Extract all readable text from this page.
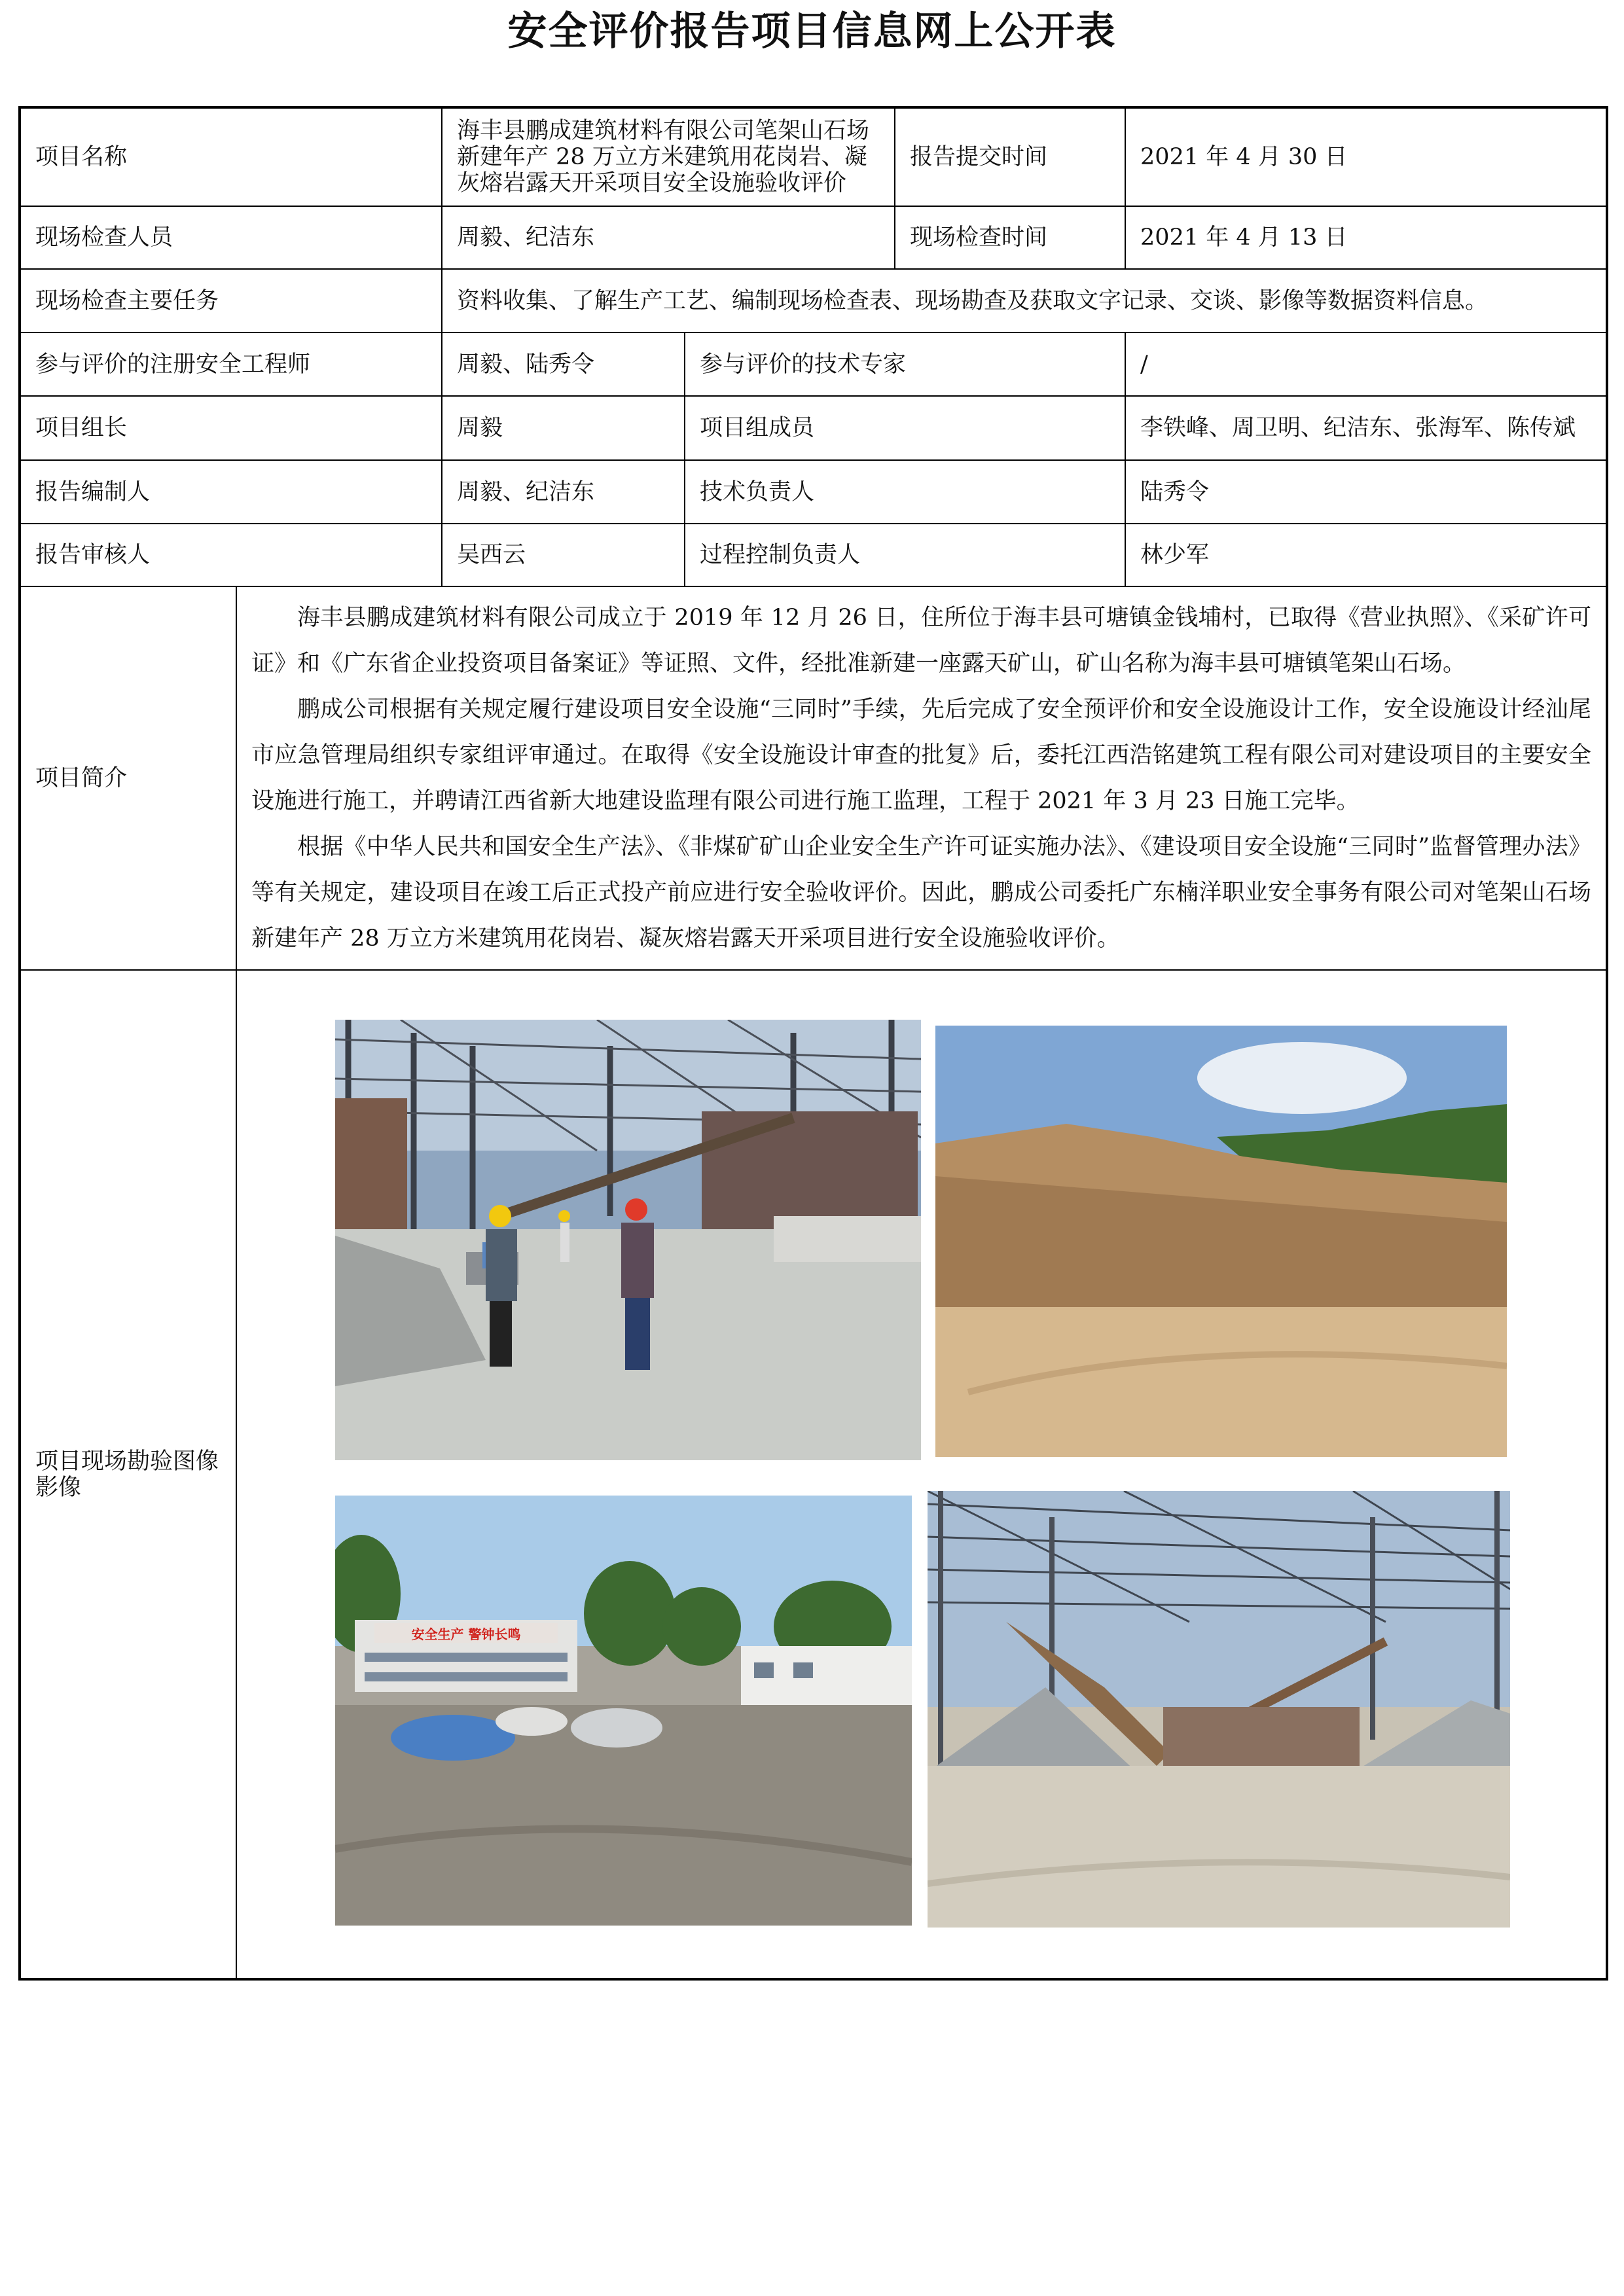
安全评价报告项目信息网上公开表
项目名称		海丰县鹏成建筑材料有限公司笔架山石场新建年产 28 万立方米建筑用花岗岩、凝灰熔岩露天开采项目安全设施验收评价		报告提交时间	2021 年 4 月 30 日
现场检查人员		周毅、纪洁东		现场检查时间	2021 年 4 月 13 日
现场检查主要任务		资料收集、了解生产工艺、编制现场检查表、现场勘查及获取文字记录、交谈、影像等数据资料信息。			
参与评价的注册安全工程师		周毅、陆秀令	参与评价的技术专家		/
项目组长		周毅	项目组成员		李铁峰、周卫明、纪洁东、张海军、陈传斌
报告编制人		周毅、纪洁东	技术负责人		陆秀令
报告审核人		吴西云	过程控制负责人		林少军
项目简介	海丰县鹏成建筑材料有限公司成立于 2019 年 12 月 26 日，住所位于海丰县可塘镇金钱埔村，已取得《营业执照》、《采矿许可证》和《广东省企业投资项目备案证》等证照、文件，经批准新建一座露天矿山，矿山名称为海丰县可塘镇笔架山石场。

鹏成公司根据有关规定履行建设项目安全设施“三同时”手续，先后完成了安全预评价和安全设施设计工作，安全设施设计经汕尾市应急管理局组织专家组评审通过。在取得《安全设施设计审查的批复》后，委托江西浩铭建筑工程有限公司对建设项目的主要安全设施进行施工，并聘请江西省新大地建设监理有限公司进行施工监理，工程于 2021 年 3 月 23 日施工完毕。

根据《中华人民共和国安全生产法》、《非煤矿矿山企业安全生产许可证实施办法》、《建设项目安全设施“三同时”监督管理办法》等有关规定，建设项目在竣工后正式投产前应进行安全验收评价。因此，鹏成公司委托广东楠洋职业安全事务有限公司对笔架山石场新建年产 28 万立方米建筑用花岗岩、凝灰熔岩露天开采项目进行安全设施验收评价。				

项目现场勘验图像影像	安全生产 警钟长鸣				
